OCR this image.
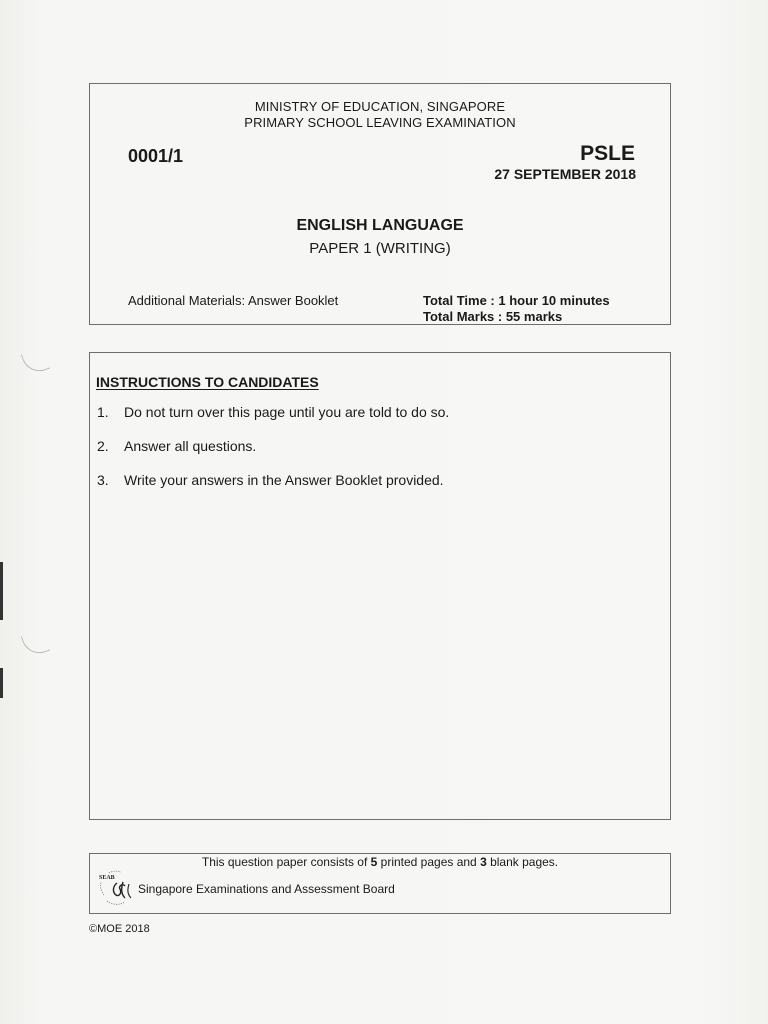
MINISTRY OF EDUCATION, SINGAPORE
PRIMARY SCHOOL LEAVING EXAMINATION
0001/1	PSLE
27 SEPTEMBER 2018
ENGLISH LANGUAGE
PAPER 1 (WRITING)
Additional Materials: Answer Booklet	Total Time : 1 hour 10 minutes
Total Marks : 55 marks
INSTRUCTIONS TO CANDIDATES
1.	Do not turn over this page until you are told to do so.
2.	Answer all questions.
3.	Write your answers in the Answer Booklet provided.
This question paper consists of 5 printed pages and 3 blank pages.
SEAB
Singapore Examinations and Assessment Board
©MOE 2018
